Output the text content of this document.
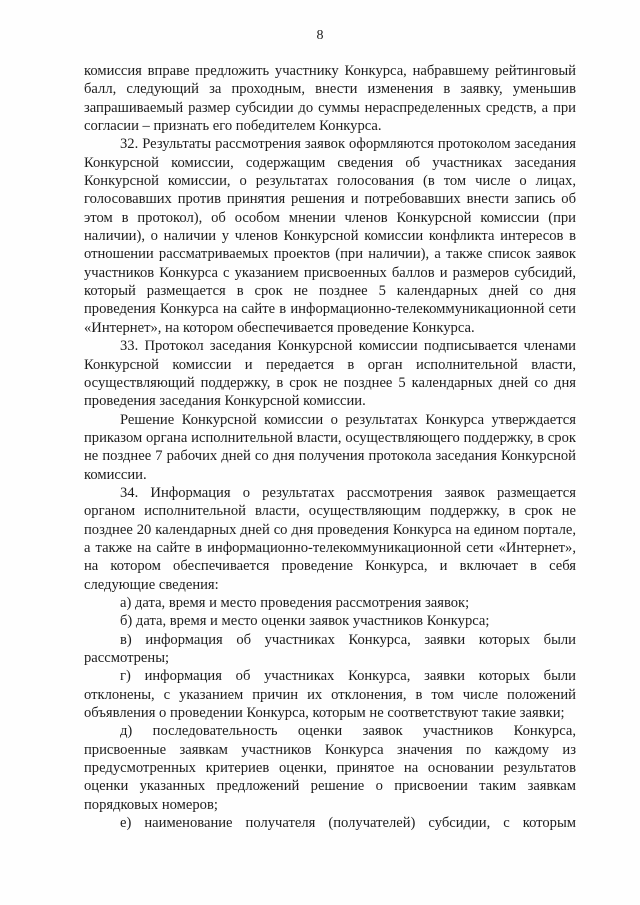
8

комиссия вправе предложить участнику Конкурса, набравшему рейтинговый балл, следующий за проходным, внести изменения в заявку, уменьшив запрашиваемый размер субсидии до суммы нераспределенных средств, а при согласии – признать его победителем Конкурса.

32. Результаты рассмотрения заявок оформляются протоколом заседания Конкурсной комиссии, содержащим сведения об участниках заседания Конкурсной комиссии, о результатах голосования (в том числе о лицах, голосовавших против принятия решения и потребовавших внести запись об этом в протокол), об особом мнении членов Конкурсной комиссии (при наличии), о наличии у членов Конкурсной комиссии конфликта интересов в отношении рассматриваемых проектов (при наличии), а также список заявок участников Конкурса с указанием присвоенных баллов и размеров субсидий, который размещается в срок не позднее 5 календарных дней со дня проведения Конкурса на сайте в информационно-телекоммуникационной сети «Интернет», на котором обеспечивается проведение Конкурса.

33. Протокол заседания Конкурсной комиссии подписывается членами Конкурсной комиссии и передается в орган исполнительной власти, осуществляющий поддержку, в срок не позднее 5 календарных дней со дня проведения заседания Конкурсной комиссии.

Решение Конкурсной комиссии о результатах Конкурса утверждается приказом органа исполнительной власти, осуществляющего поддержку, в срок не позднее 7 рабочих дней со дня получения протокола заседания Конкурсной комиссии.

34. Информация о результатах рассмотрения заявок размещается органом исполнительной власти, осуществляющим поддержку, в срок не позднее 20 календарных дней со дня проведения Конкурса на едином портале, а также на сайте в информационно-телекоммуникационной сети «Интернет», на котором обеспечивается проведение Конкурса, и включает в себя следующие сведения:

а) дата, время и место проведения рассмотрения заявок;

б) дата, время и место оценки заявок участников Конкурса;

в) информация об участниках Конкурса, заявки которых были рассмотрены;

г) информация об участниках Конкурса, заявки которых были отклонены, с указанием причин их отклонения, в том числе положений объявления о проведении Конкурса, которым не соответствуют такие заявки;

д) последовательность оценки заявок участников Конкурса, присвоенные заявкам участников Конкурса значения по каждому из предусмотренных критериев оценки, принятое на основании результатов оценки указанных предложений решение о присвоении таким заявкам порядковых номеров;

е) наименование получателя (получателей) субсидии, с которым
